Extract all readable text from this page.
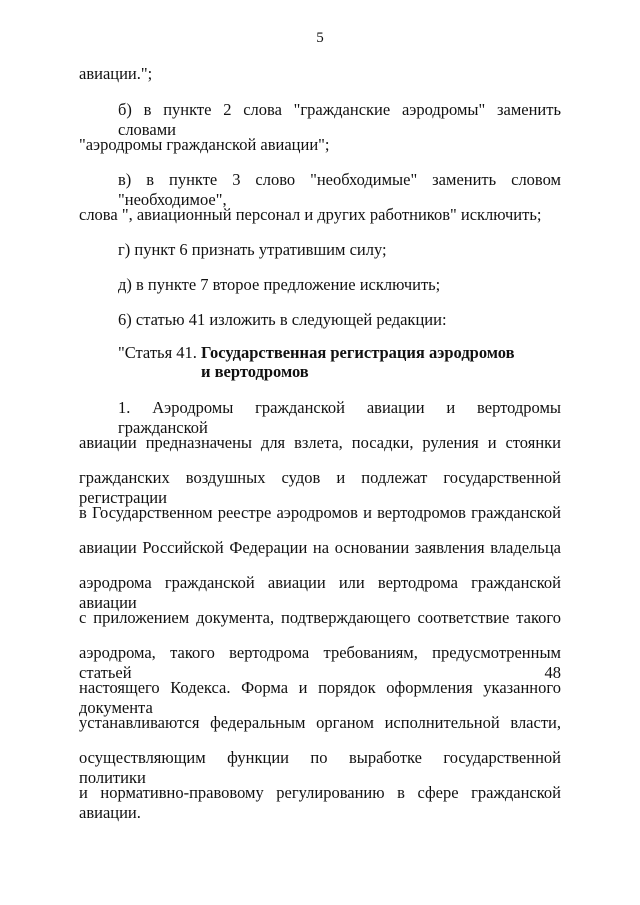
5
авиации.";
б) в пункте 2 слова "гражданские аэродромы" заменить словами
"аэродромы гражданской авиации";
в) в пункте 3 слово "необходимые" заменить словом "необходимое",
слова ", авиационный персонал и других работников" исключить;
г) пункт 6 признать утратившим силу;
д) в пункте 7 второе предложение исключить;
6) статью 41 изложить в следующей редакции:
"Статья 41. Государственная регистрация аэродромов
и вертодромов
1. Аэродромы гражданской авиации и вертодромы гражданской
авиации предназначены для взлета, посадки, руления и стоянки
гражданских воздушных судов и подлежат государственной регистрации
в Государственном реестре аэродромов и вертодромов гражданской
авиации Российской Федерации на основании заявления владельца
аэродрома гражданской авиации или вертодрома гражданской авиации
с приложением документа, подтверждающего соответствие такого
аэродрома, такого вертодрома требованиям, предусмотренным статьей 48
настоящего Кодекса. Форма и порядок оформления указанного документа
устанавливаются федеральным органом исполнительной власти,
осуществляющим функции по выработке государственной политики
и нормативно-правовому регулированию в сфере гражданской авиации.
